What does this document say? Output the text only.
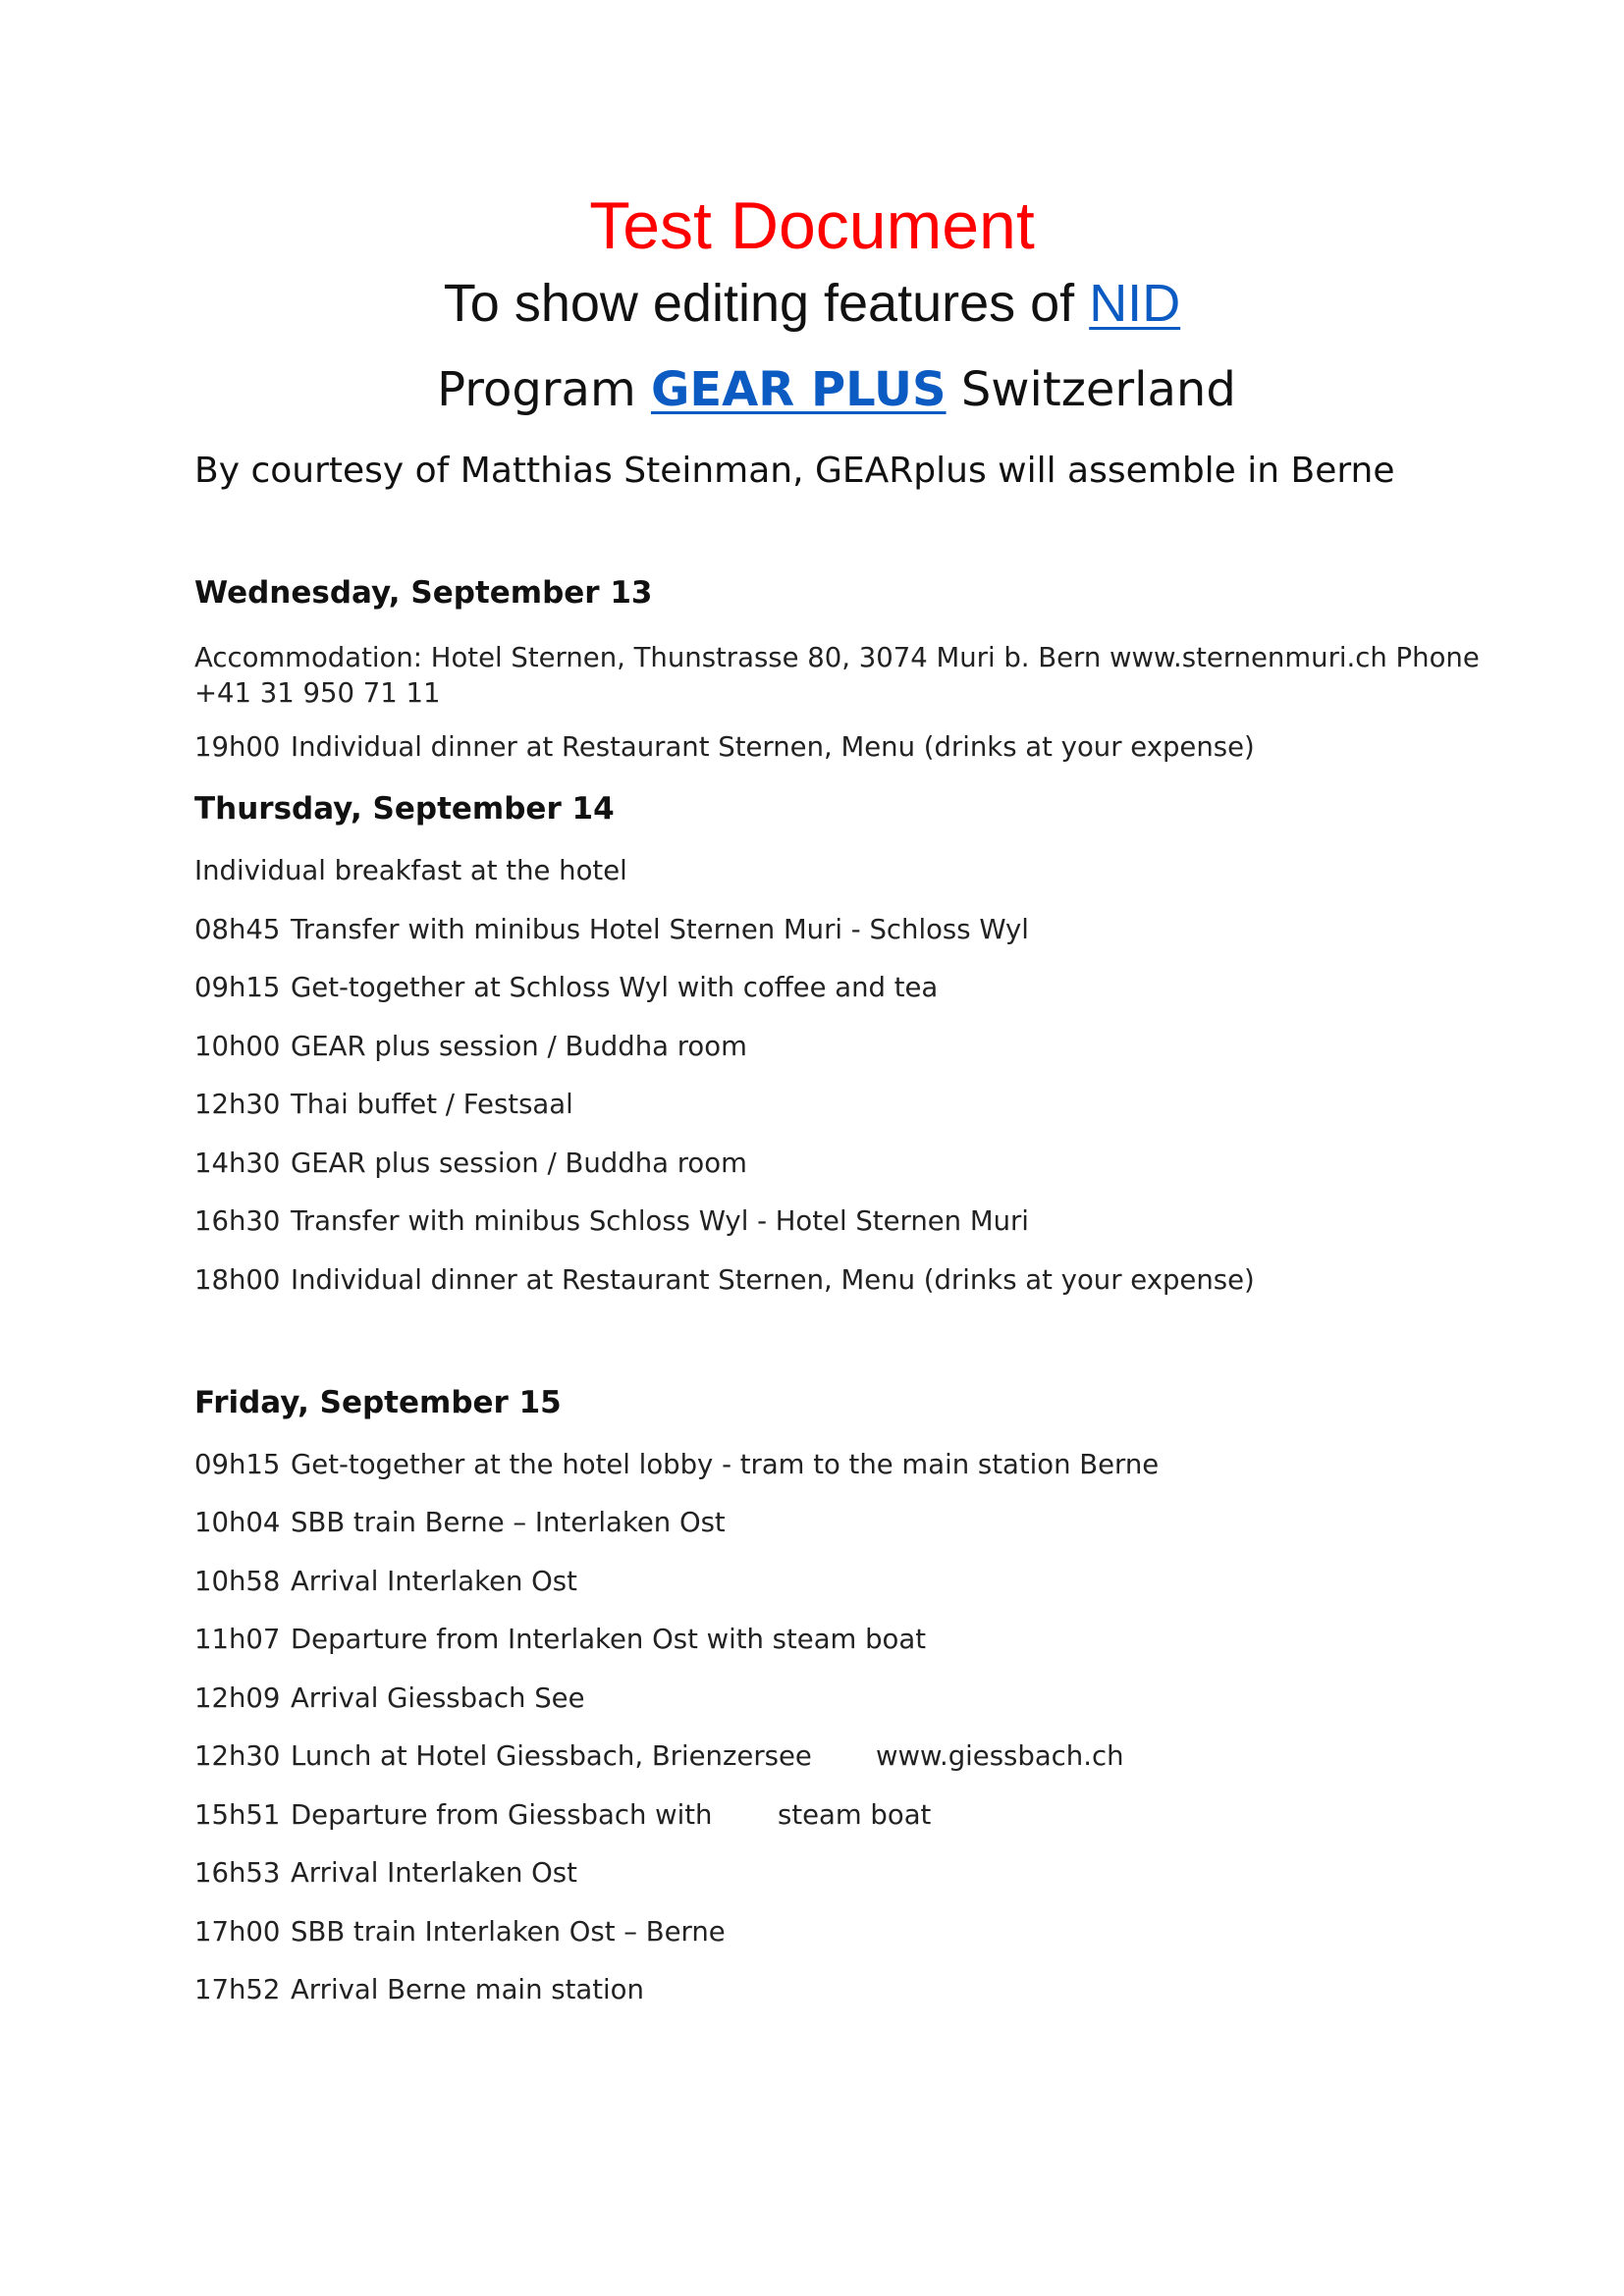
Test Document
To show editing features of NID
Program GEAR PLUS Switzerland
By courtesy of Matthias Steinman, GEARplus will assemble in Berne
Wednesday, September 13
Accommodation: Hotel Sternen, Thunstrasse 80, 3074 Muri b. Bern www.sternenmuri.ch Phone +41 31 950 71 11
19h00 Individual dinner at Restaurant Sternen, Menu (drinks at your expense)
Thursday, September 14
Individual breakfast at the hotel
08h45 Transfer with minibus Hotel Sternen Muri - Schloss Wyl
09h15 Get-together at Schloss Wyl with coffee and tea
10h00 GEAR plus session / Buddha room
12h30 Thai buffet / Festsaal
14h30 GEAR plus session / Buddha room
16h30 Transfer with minibus Schloss Wyl - Hotel Sternen Muri
18h00 Individual dinner at Restaurant Sternen, Menu (drinks at your expense)
Friday, September 15
09h15 Get-together at the hotel lobby - tram to the main station Berne
10h04 SBB train Berne – Interlaken Ost
10h58 Arrival Interlaken Ost
11h07 Departure from Interlaken Ost with steam boat
12h09 Arrival Giessbach See
12h30 Lunch at Hotel Giessbach, Brienzersee www.giessbach.ch
15h51 Departure from Giessbach with steam boat
16h53 Arrival Interlaken Ost
17h00 SBB train Interlaken Ost – Berne
17h52 Arrival Berne main station
